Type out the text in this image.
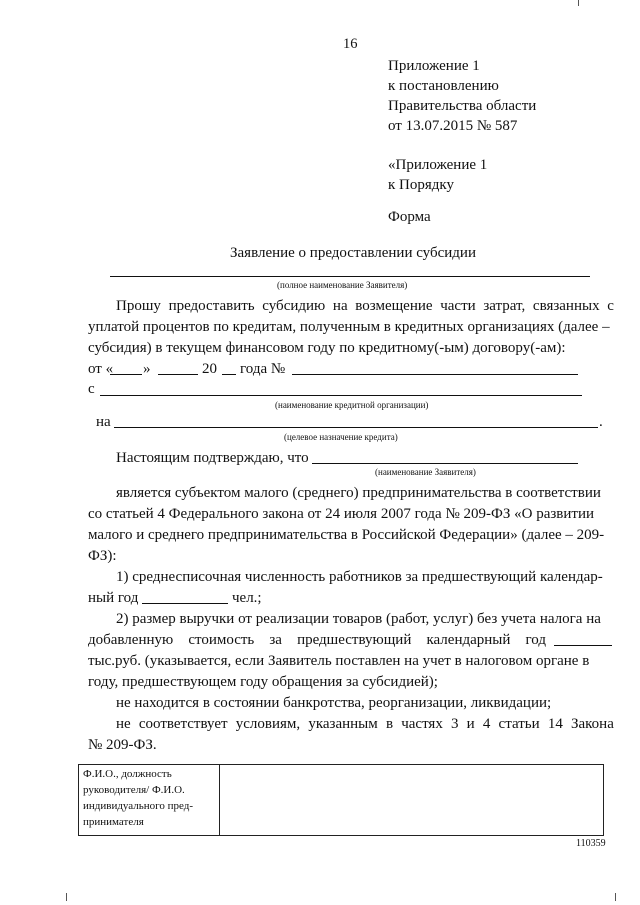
16
Приложение 1
к постановлению
Правительства области
от 13.07.2015 № 587
«Приложение 1
к Порядку
Форма
Заявление о предоставлении субсидии
(полное наименование Заявителя)
Прошу предоставить субсидию на возмещение части затрат, связанных с
уплатой процентов по кредитам, полученным в кредитных организациях (далее –
субсидия) в текущем финансовом году по кредитному(-ым) договору(-ам):
от « »	20 года №
с
(наименование кредитной организации)
на	.
(целевое назначение кредита)
Настоящим подтверждаю, что
(наименование Заявителя)
является субъектом малого (среднего) предпринимательства в соответствии
со статьей 4 Федерального закона от 24 июля 2007 года № 209-ФЗ «О развитии
малого и среднего предпринимательства в Российской Федерации» (далее – 209-
ФЗ):
1) среднесписочная численность работников за предшествующий календар-
ный год	чел.;
2) размер выручки от реализации товаров (работ, услуг) без учета налога на
добавленную стоимость за предшествующий календарный год
тыс.руб. (указывается, если Заявитель поставлен на учет в налоговом органе в
году, предшествующем году обращения за субсидией);
не находится в состоянии банкротства, реорганизации, ликвидации;
не соответствует условиям, указанным в частях 3 и 4 статьи 14 Закона
№ 209-ФЗ.
Ф.И.О., должность
руководителя/ Ф.И.О.
индивидуального пред-
принимателя

110359
